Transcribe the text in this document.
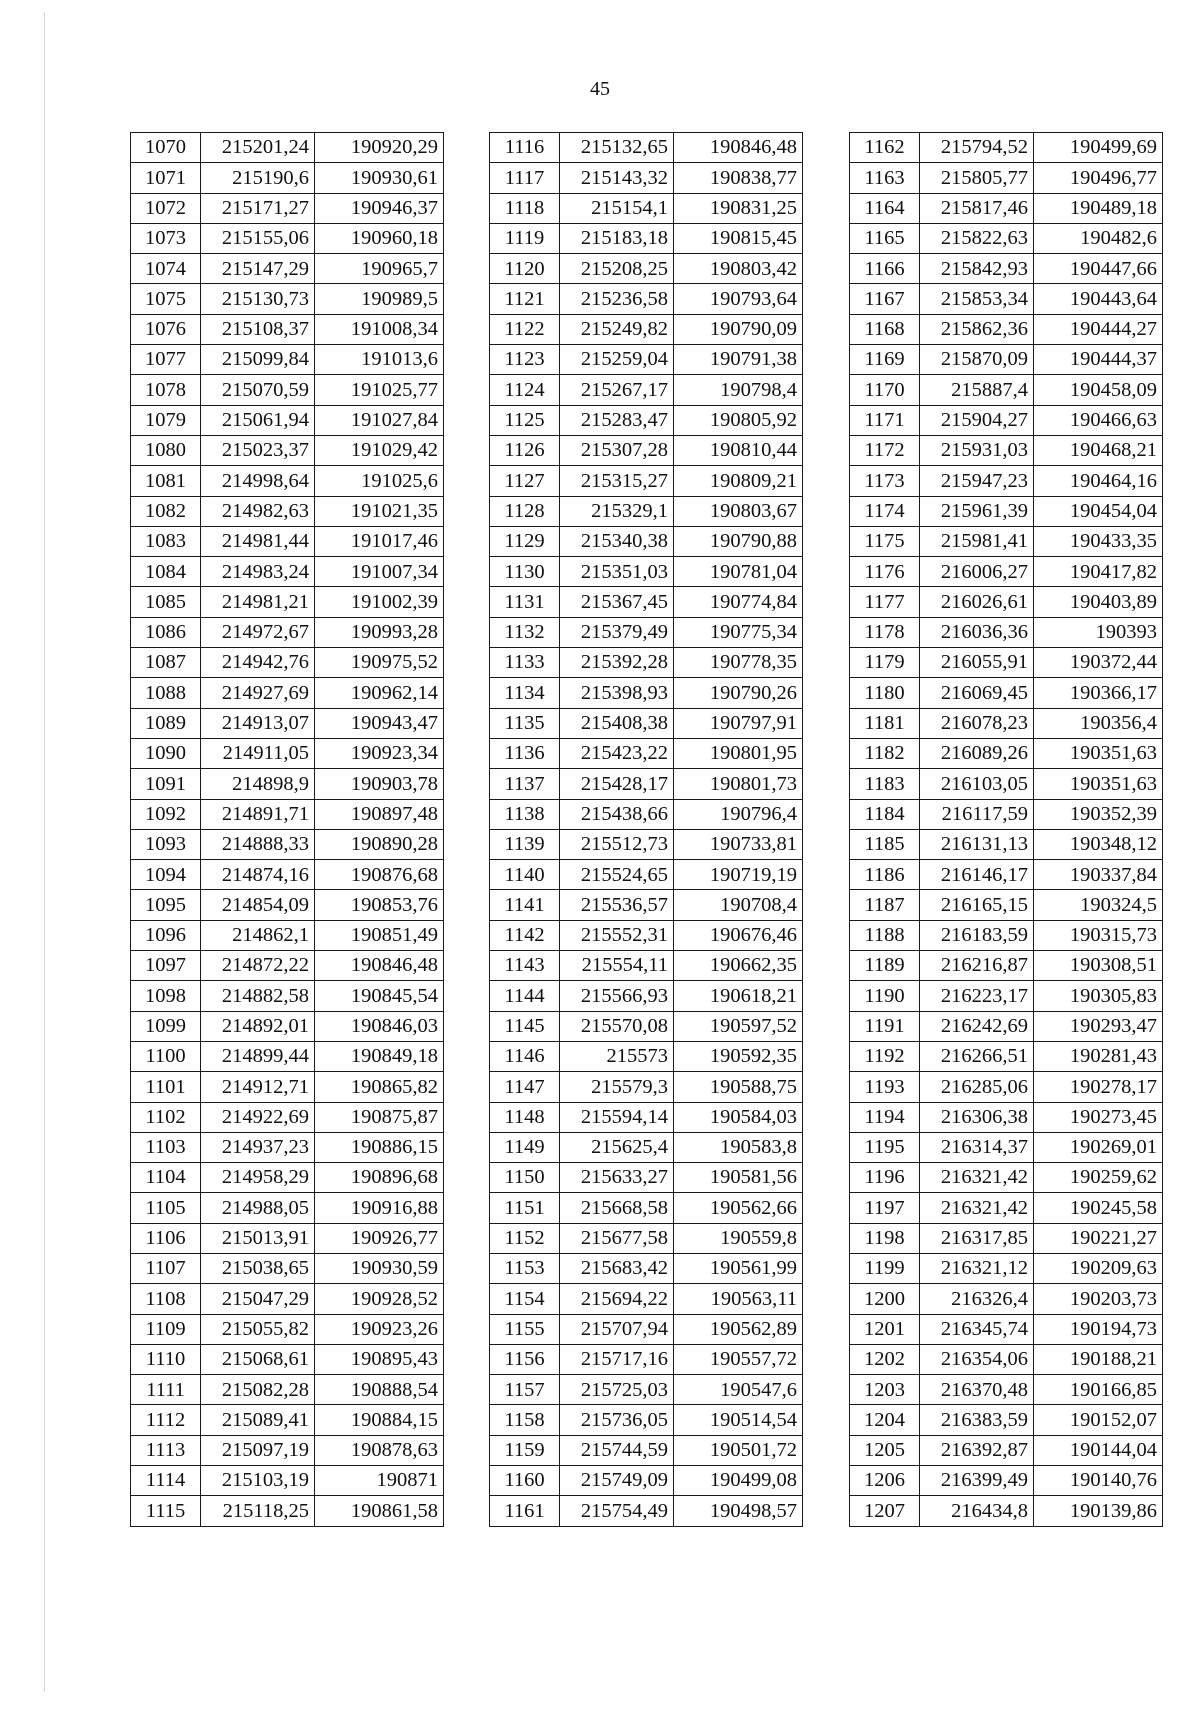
45
1070	215201,24	190920,29
1071	215190,6	190930,61
1072	215171,27	190946,37
1073	215155,06	190960,18
1074	215147,29	190965,7
1075	215130,73	190989,5
1076	215108,37	191008,34
1077	215099,84	191013,6
1078	215070,59	191025,77
1079	215061,94	191027,84
1080	215023,37	191029,42
1081	214998,64	191025,6
1082	214982,63	191021,35
1083	214981,44	191017,46
1084	214983,24	191007,34
1085	214981,21	191002,39
1086	214972,67	190993,28
1087	214942,76	190975,52
1088	214927,69	190962,14
1089	214913,07	190943,47
1090	214911,05	190923,34
1091	214898,9	190903,78
1092	214891,71	190897,48
1093	214888,33	190890,28
1094	214874,16	190876,68
1095	214854,09	190853,76
1096	214862,1	190851,49
1097	214872,22	190846,48
1098	214882,58	190845,54
1099	214892,01	190846,03
1100	214899,44	190849,18
1101	214912,71	190865,82
1102	214922,69	190875,87
1103	214937,23	190886,15
1104	214958,29	190896,68
1105	214988,05	190916,88
1106	215013,91	190926,77
1107	215038,65	190930,59
1108	215047,29	190928,52
1109	215055,82	190923,26
1110	215068,61	190895,43
1111	215082,28	190888,54
1112	215089,41	190884,15
1113	215097,19	190878,63
1114	215103,19	190871
1115	215118,25	190861,58
1116	215132,65	190846,48
1117	215143,32	190838,77
1118	215154,1	190831,25
1119	215183,18	190815,45
1120	215208,25	190803,42
1121	215236,58	190793,64
1122	215249,82	190790,09
1123	215259,04	190791,38
1124	215267,17	190798,4
1125	215283,47	190805,92
1126	215307,28	190810,44
1127	215315,27	190809,21
1128	215329,1	190803,67
1129	215340,38	190790,88
1130	215351,03	190781,04
1131	215367,45	190774,84
1132	215379,49	190775,34
1133	215392,28	190778,35
1134	215398,93	190790,26
1135	215408,38	190797,91
1136	215423,22	190801,95
1137	215428,17	190801,73
1138	215438,66	190796,4
1139	215512,73	190733,81
1140	215524,65	190719,19
1141	215536,57	190708,4
1142	215552,31	190676,46
1143	215554,11	190662,35
1144	215566,93	190618,21
1145	215570,08	190597,52
1146	215573	190592,35
1147	215579,3	190588,75
1148	215594,14	190584,03
1149	215625,4	190583,8
1150	215633,27	190581,56
1151	215668,58	190562,66
1152	215677,58	190559,8
1153	215683,42	190561,99
1154	215694,22	190563,11
1155	215707,94	190562,89
1156	215717,16	190557,72
1157	215725,03	190547,6
1158	215736,05	190514,54
1159	215744,59	190501,72
1160	215749,09	190499,08
1161	215754,49	190498,57
1162	215794,52	190499,69
1163	215805,77	190496,77
1164	215817,46	190489,18
1165	215822,63	190482,6
1166	215842,93	190447,66
1167	215853,34	190443,64
1168	215862,36	190444,27
1169	215870,09	190444,37
1170	215887,4	190458,09
1171	215904,27	190466,63
1172	215931,03	190468,21
1173	215947,23	190464,16
1174	215961,39	190454,04
1175	215981,41	190433,35
1176	216006,27	190417,82
1177	216026,61	190403,89
1178	216036,36	190393
1179	216055,91	190372,44
1180	216069,45	190366,17
1181	216078,23	190356,4
1182	216089,26	190351,63
1183	216103,05	190351,63
1184	216117,59	190352,39
1185	216131,13	190348,12
1186	216146,17	190337,84
1187	216165,15	190324,5
1188	216183,59	190315,73
1189	216216,87	190308,51
1190	216223,17	190305,83
1191	216242,69	190293,47
1192	216266,51	190281,43
1193	216285,06	190278,17
1194	216306,38	190273,45
1195	216314,37	190269,01
1196	216321,42	190259,62
1197	216321,42	190245,58
1198	216317,85	190221,27
1199	216321,12	190209,63
1200	216326,4	190203,73
1201	216345,74	190194,73
1202	216354,06	190188,21
1203	216370,48	190166,85
1204	216383,59	190152,07
1205	216392,87	190144,04
1206	216399,49	190140,76
1207	216434,8	190139,86
